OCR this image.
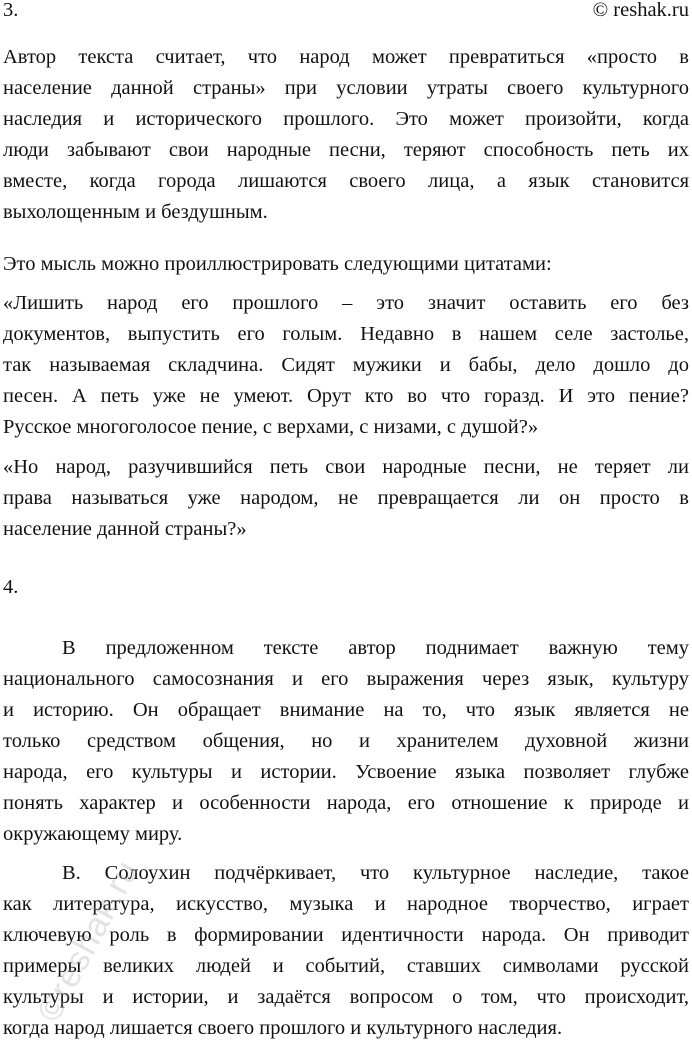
3.	© reshak.ru
Автор текста считает, что народ может превратиться «просто в
население данной страны» при условии утраты своего культурного
наследия и исторического прошлого. Это может произойти, когда
люди забывают свои народные песни, теряют способность петь их
вместе, когда города лишаются своего лица, а язык становится
выхолощенным и бездушным.
Это мысль можно проиллюстрировать следующими цитатами:
«Лишить народ его прошлого – это значит оставить его без
документов, выпустить его голым. Недавно в нашем селе застолье,
так называемая складчина. Сидят мужики и бабы, дело дошло до
песен. А петь уже не умеют. Орут кто во что горазд. И это пение?
Русское многоголосое пение, с верхами, с низами, с душой?»
«Но народ, разучившийся петь свои народные песни, не теряет ли
права называться уже народом, не превращается ли он просто в
население данной страны?»
4.
В предложенном тексте автор поднимает важную тему
национального самосознания и его выражения через язык, культуру
и историю. Он обращает внимание на то, что язык является не
только средством общения, но и хранителем духовной жизни
народа, его культуры и истории. Усвоение языка позволяет глубже
понять характер и особенности народа, его отношение к природе и
окружающему миру.
В. Солоухин подчёркивает, что культурное наследие, такое
как литература, искусство, музыка и народное творчество, играет
ключевую роль в формировании идентичности народа. Он приводит
примеры великих людей и событий, ставших символами русской
культуры и истории, и задаётся вопросом о том, что происходит,
когда народ лишается своего прошлого и культурного наследия.
©reshak.ru
